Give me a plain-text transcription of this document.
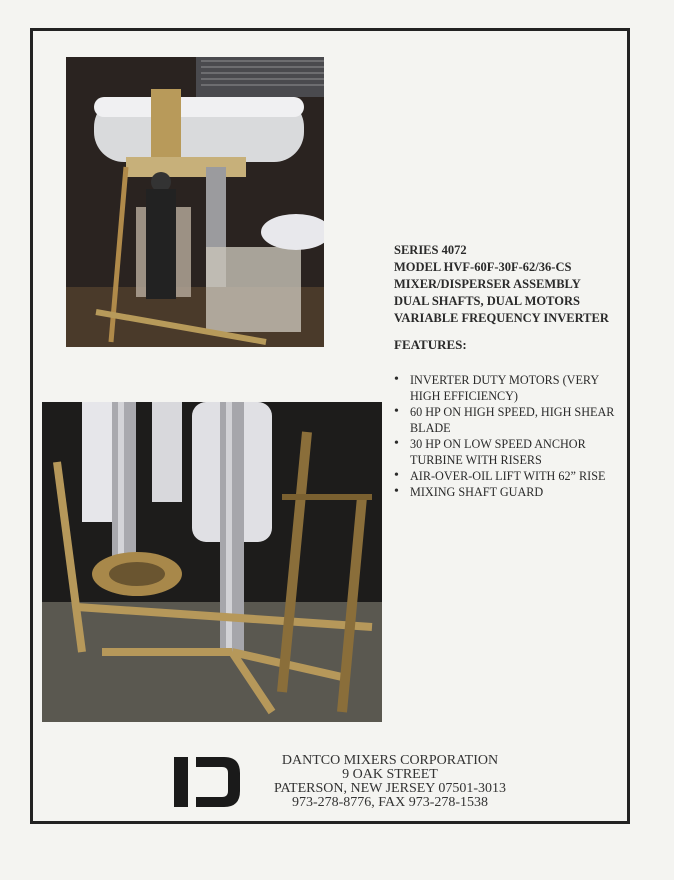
SERIES 4072
MODEL HVF-60F-30F-62/36-CS
MIXER/DISPERSER ASSEMBLY
DUAL SHAFTS, DUAL MOTORS
VARIABLE FREQUENCY INVERTER
FEATURES:
• INVERTER DUTY MOTORS (VERY HIGH EFFICIENCY)
• 60 HP ON HIGH SPEED, HIGH SHEAR BLADE
• 30 HP ON LOW SPEED ANCHOR TURBINE WITH RISERS
• AIR-OVER-OIL LIFT WITH 62” RISE
• MIXING SHAFT GUARD
DANTCO MIXERS CORPORATION
9 OAK STREET
PATERSON, NEW JERSEY 07501-3013
973-278-8776, FAX 973-278-1538
